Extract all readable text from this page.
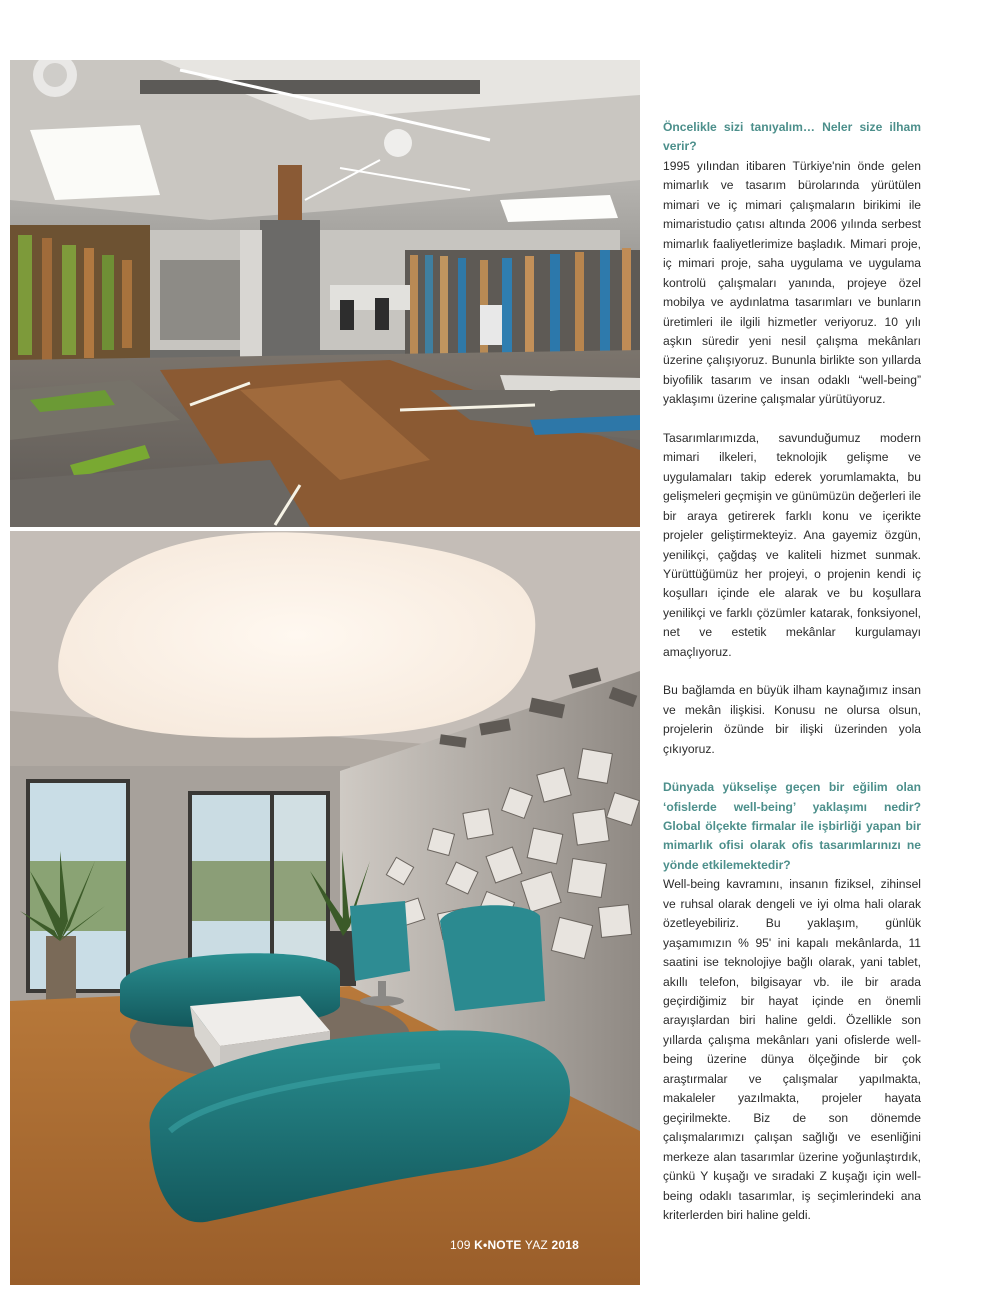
109 K•NOTE YAZ 2018

Öncelikle sizi tanıyalım… Neler size ilham verir?

1995 yılından itibaren Türkiye'nin önde gelen mimarlık ve tasarım bürolarında yürütülen mimari ve iç mimari çalışmaların birikimi ile mimaristudio çatısı altında 2006 yılında serbest mimarlık faaliyetlerimize başladık. Mimari proje, iç mimari proje, saha uygulama ve uygulama kontrolü çalışmaları yanında, projeye özel mobilya ve aydınlatma tasarımları ve bunların üretimleri ile ilgili hizmetler veriyoruz. 10 yılı aşkın süredir yeni nesil çalışma mekânları üzerine çalışıyoruz. Bununla birlikte son yıllarda biyofilik tasarım ve insan odaklı “well-being” yaklaşımı üzerine çalışmalar yürütüyoruz.

Tasarımlarımızda, savunduğumuz modern mimari ilkeleri, teknolojik gelişme ve uygulamaları takip ederek yorumlamakta, bu gelişmeleri geçmişin ve günümüzün değerleri ile bir araya getirerek farklı konu ve içerikte projeler geliştirmekteyiz. Ana gayemiz özgün, yenilikçi, çağdaş ve kaliteli hizmet sunmak. Yürüttüğümüz her projeyi, o projenin kendi iç koşulları içinde ele alarak ve bu koşullara yenilikçi ve farklı çözümler katarak, fonksiyonel, net ve estetik mekânlar kurgulamayı amaçlıyoruz.

Bu bağlamda en büyük ilham kaynağımız insan ve mekân ilişkisi. Konusu ne olursa olsun, projelerin özünde bir ilişki üzerinden yola çıkıyoruz.

Dünyada yükselişe geçen bir eğilim olan ‘ofislerde well-being’ yaklaşımı nedir? Global ölçekte firmalar ile işbirliği yapan bir mimarlık ofisi olarak ofis tasarımlarınızı ne yönde etkilemektedir?

Well-being kavramını, insanın fiziksel, zihinsel ve ruhsal olarak dengeli ve iyi olma hali olarak özetleyebiliriz. Bu yaklaşım, günlük yaşamımızın % 95' ini kapalı mekânlarda, 11 saatini ise teknolojiye bağlı olarak, yani tablet, akıllı telefon, bilgisayar vb. ile bir arada geçirdiğimiz bir hayat içinde en önemli arayışlardan biri haline geldi. Özellikle son yıllarda çalışma mekânları yani ofislerde well-being üzerine dünya ölçeğinde bir çok araştırmalar ve çalışmalar yapılmakta, makaleler yazılmakta, projeler hayata geçirilmekte. Biz de son dönemde çalışmalarımızı çalışan sağlığı ve esenliğini merkeze alan tasarımlar üzerine yoğunlaştırdık, çünkü Y kuşağı ve sıradaki Z kuşağı için well-being odaklı tasarımlar, iş seçimlerindeki ana kriterlerden biri haline geldi.
